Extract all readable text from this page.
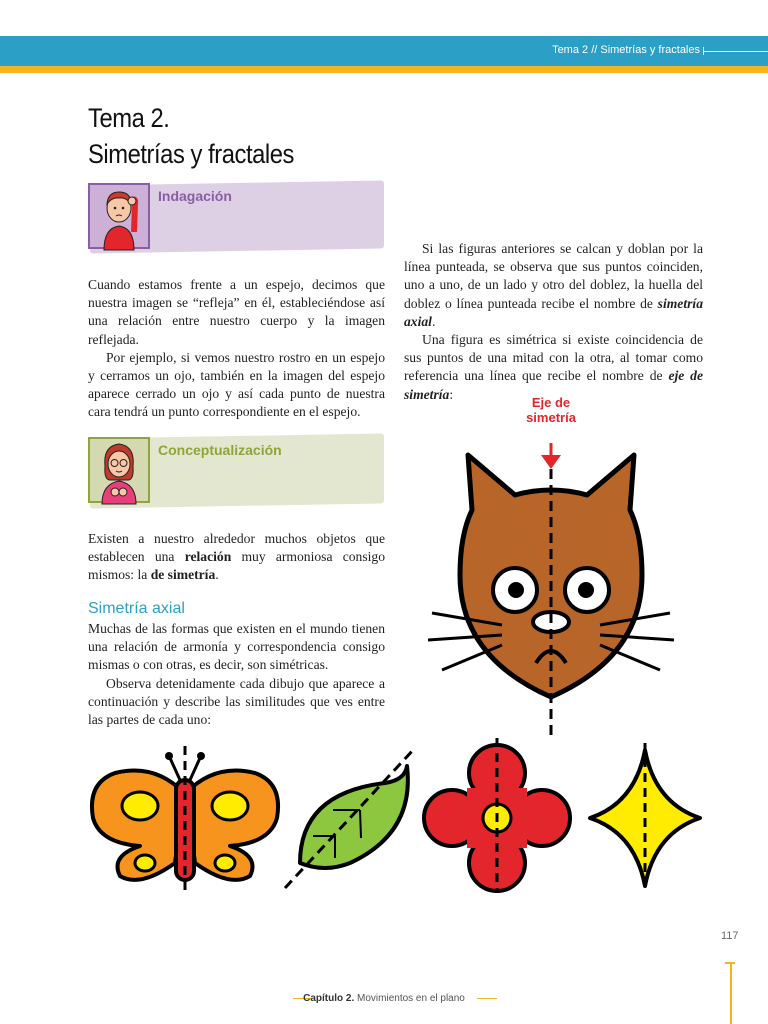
Tema 2 // Simetrías y fractales
Tema 2.
Simetrías y fractales
Indagación

Cuando estamos frente a un espejo, decimos que nuestra imagen se “refleja” en él, estableciéndose así una relación entre nuestro cuerpo y la imagen reflejada.

Por ejemplo, si vemos nuestro rostro en un espejo y cerramos un ojo, también en la imagen del espejo aparece cerrado un ojo y así cada punto de nuestra cara tendrá un punto correspondiente en el espejo.

Conceptualización

Existen a nuestro alrededor muchos objetos que establecen una relación muy armoniosa consigo mismos: la de simetría.

Simetría axial

Muchas de las formas que existen en el mundo tienen una relación de armonía y correspondencia consigo mismas o con otras, es decir, son simétricas.

Observa detenidamente cada dibujo que aparece a continuación y describe las similitudes que ves entre las partes de cada uno:

Si las figuras anteriores se calcan y doblan por la línea punteada, se observa que sus puntos coinciden, uno a uno, de un lado y otro del doblez, la huella del doblez o línea punteada recibe el nombre de simetría axial.

Una figura es simétrica si existe coincidencia de sus puntos de una mitad con la otra, al tomar como referencia una línea que recibe el nombre de eje de simetría:

Eje de
simetría
117
Capítulo 2. Movimientos en el plano
